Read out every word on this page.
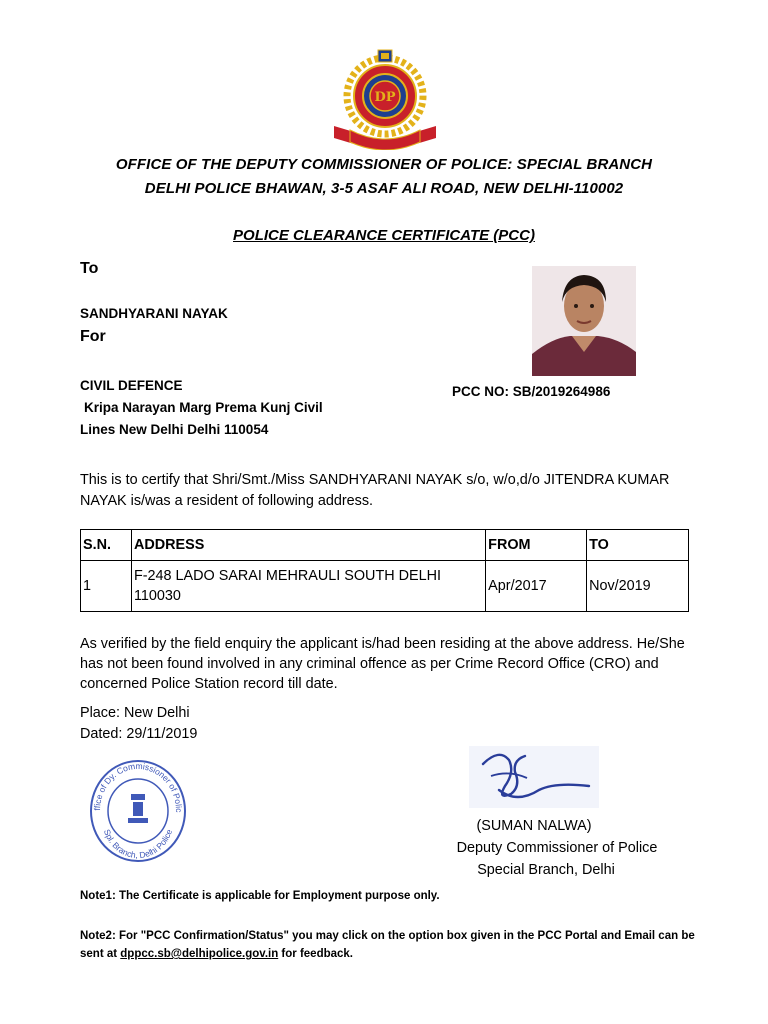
DP
OFFICE OF THE DEPUTY COMMISSIONER OF POLICE: SPECIAL BRANCH
DELHI POLICE BHAWAN, 3-5 ASAF ALI ROAD, NEW DELHI-110002
POLICE CLEARANCE CERTIFICATE (PCC)
To
SANDHYARANI NAYAK
For
CIVIL DEFENCE
Kripa Narayan Marg Prema Kunj Civil
Lines New Delhi Delhi 110054
PCC NO: SB/2019264986
This is to certify that Shri/Smt./Miss SANDHYARANI NAYAK s/o, w/o,d/o JITENDRA KUMAR NAYAK is/was a resident of following address.
S.N.	ADDRESS	FROM	TO
1	F-248 LADO SARAI MEHRAULI SOUTH DELHI 110030	Apr/2017	Nov/2019
As verified by the field enquiry the applicant is/had been residing at the above address. He/She has not been found involved in any criminal offence as per Crime Record Office (CRO) and concerned Police Station record till date.
Place: New Delhi
Dated: 29/11/2019
ffice of Dy. Commissioner of Polic
Spl. Branch, Delhi Police	(SUMAN NALWA)
Deputy Commissioner of Police
Special Branch, Delhi
Note1: The Certificate is applicable for Employment purpose only.
Note2: For "PCC Confirmation/Status" you may click on the option box given in the PCC Portal and Email can be sent at dppcc.sb@delhipolice.gov.in for feedback.
